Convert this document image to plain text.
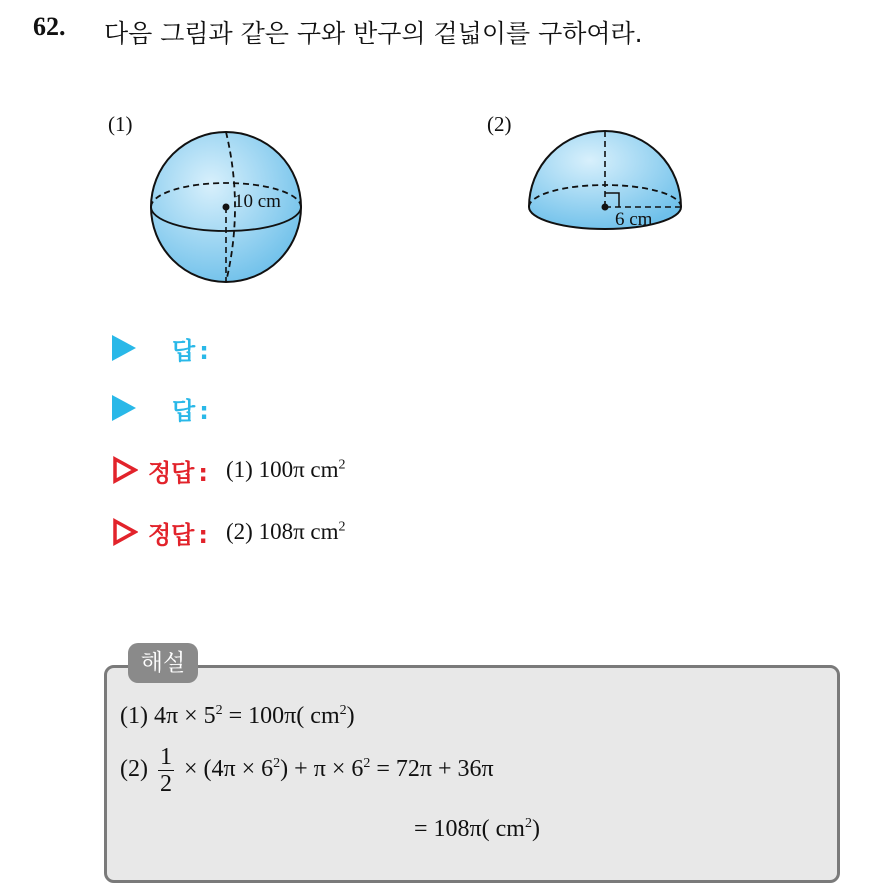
62. 다음 그림과 같은 구와 반구의 겉넓이를 구하여라.
(1)	(2)
10 cm
6 cm
답 :
답 :
정답 : (1) 100π $cm^2$
정답 : (2) 108π $cm^2$
해설
(1) $4\pi \times 5^2 = 100\pi$( $cm^2$)
$(2) \frac{1}{2} \times (4\pi \times 6^2) + \pi \times 6^2 = 72\pi + 36\pi$
= 108π( $cm^2$)
